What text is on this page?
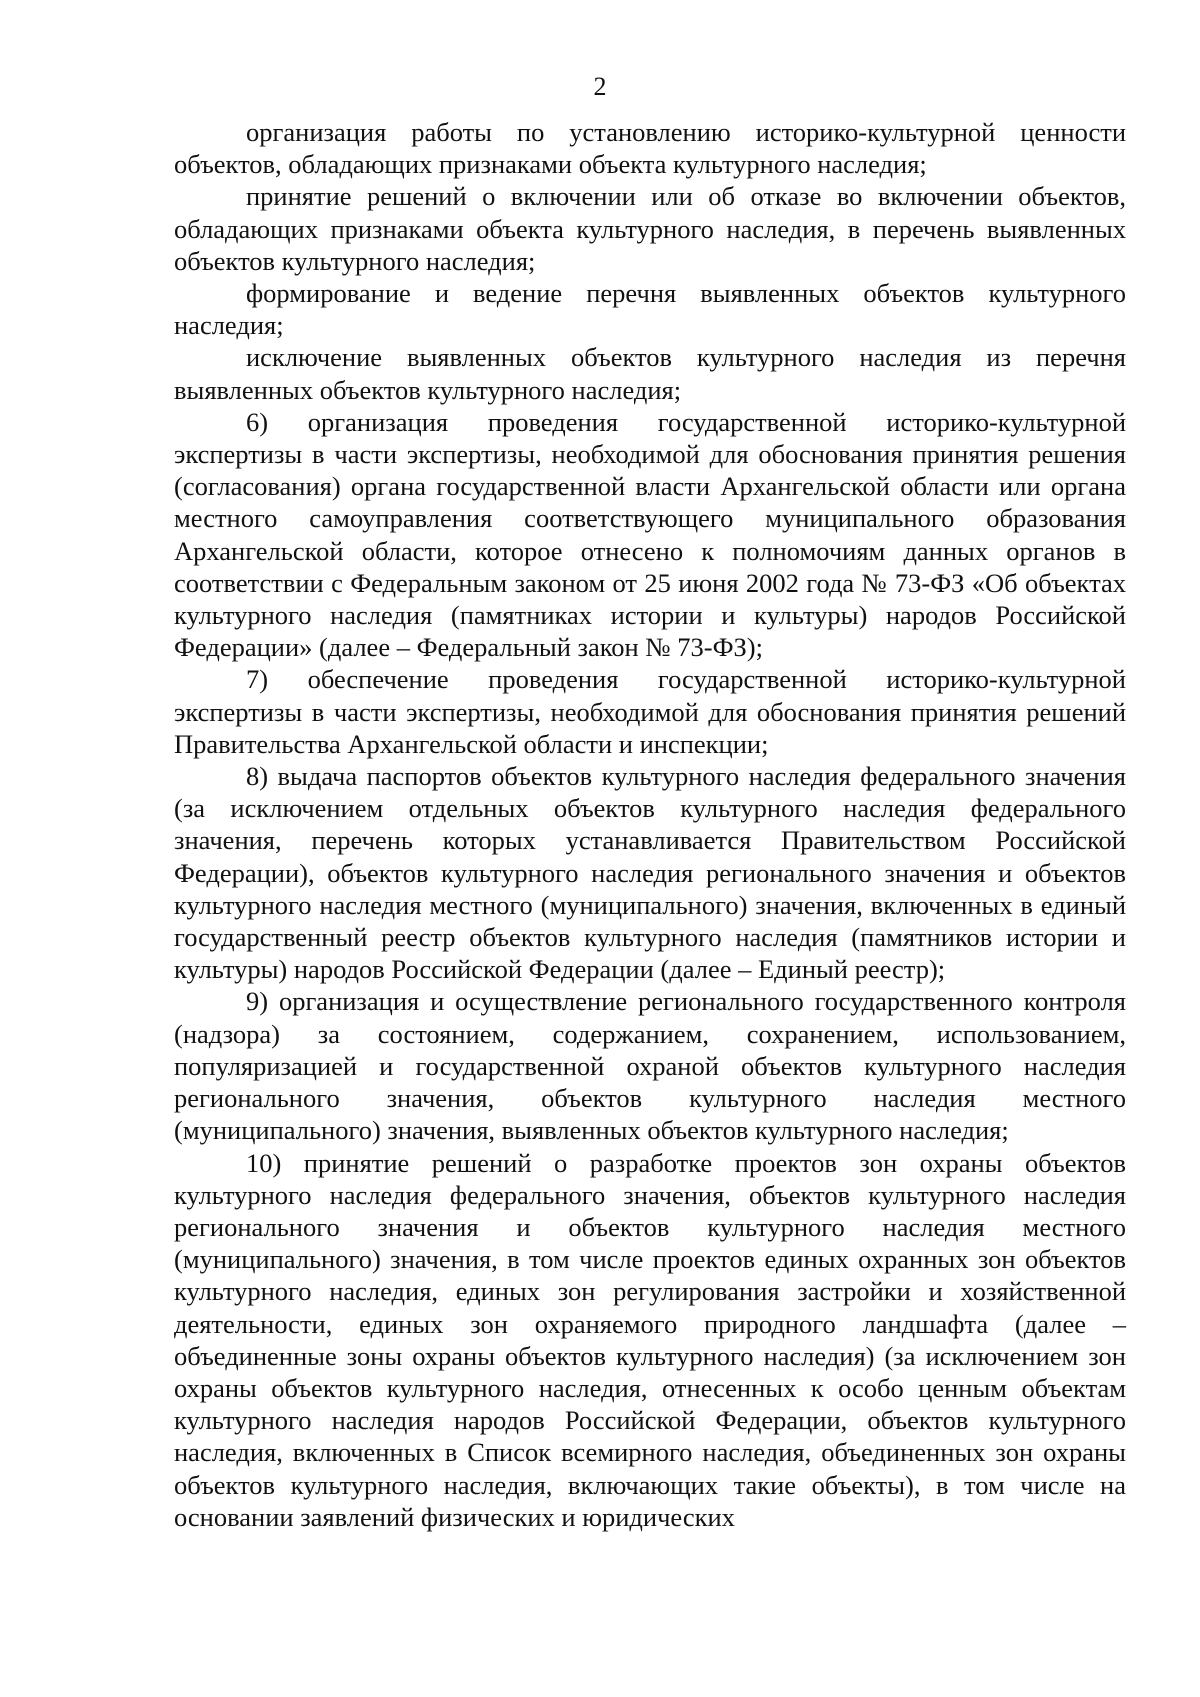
2

организация работы по установлению историко-культурной ценности объектов, обладающих признаками объекта культурного наследия;

принятие решений о включении или об отказе во включении объектов, обладающих признаками объекта культурного наследия, в перечень выявленных объектов культурного наследия;

формирование и ведение перечня выявленных объектов культурного наследия;

исключение выявленных объектов культурного наследия из перечня выявленных объектов культурного наследия;

6) организация проведения государственной историко-культурной экспертизы в части экспертизы, необходимой для обоснования принятия решения (согласования) органа государственной власти Архангельской области или органа местного самоуправления соответствующего муниципального образования Архангельской области, которое отнесено к полномочиям данных органов в соответствии с Федеральным законом от 25 июня 2002 года № 73-ФЗ «Об объектах культурного наследия (памятниках истории и культуры) народов Российской Федерации» (далее – Федеральный закон № 73-ФЗ);

7) обеспечение проведения государственной историко-культурной экспертизы в части экспертизы, необходимой для обоснования принятия решений Правительства Архангельской области и инспекции;

8) выдача паспортов объектов культурного наследия федерального значения (за исключением отдельных объектов культурного наследия федерального значения, перечень которых устанавливается Правительством Российской Федерации), объектов культурного наследия регионального значения и объектов культурного наследия местного (муниципального) значения, включенных в единый государственный реестр объектов культурного наследия (памятников истории и культуры) народов Российской Федерации (далее – Единый реестр);

9) организация и осуществление регионального государственного контроля (надзора) за состоянием, содержанием, сохранением, использованием, популяризацией и государственной охраной объектов культурного наследия регионального значения, объектов культурного наследия местного (муниципального) значения, выявленных объектов культурного наследия;

10) принятие решений о разработке проектов зон охраны объектов культурного наследия федерального значения, объектов культурного наследия регионального значения и объектов культурного наследия местного (муниципального) значения, в том числе проектов единых охранных зон объектов культурного наследия, единых зон регулирования застройки и хозяйственной деятельности, единых зон охраняемого природного ландшафта (далее – объединенные зоны охраны объектов культурного наследия) (за исключением зон охраны объектов культурного наследия, отнесенных к особо ценным объектам культурного наследия народов Российской Федерации, объектов культурного наследия, включенных в Список всемирного наследия, объединенных зон охраны объектов культурного наследия, включающих такие объекты), в том числе на основании заявлений физических и юридических
